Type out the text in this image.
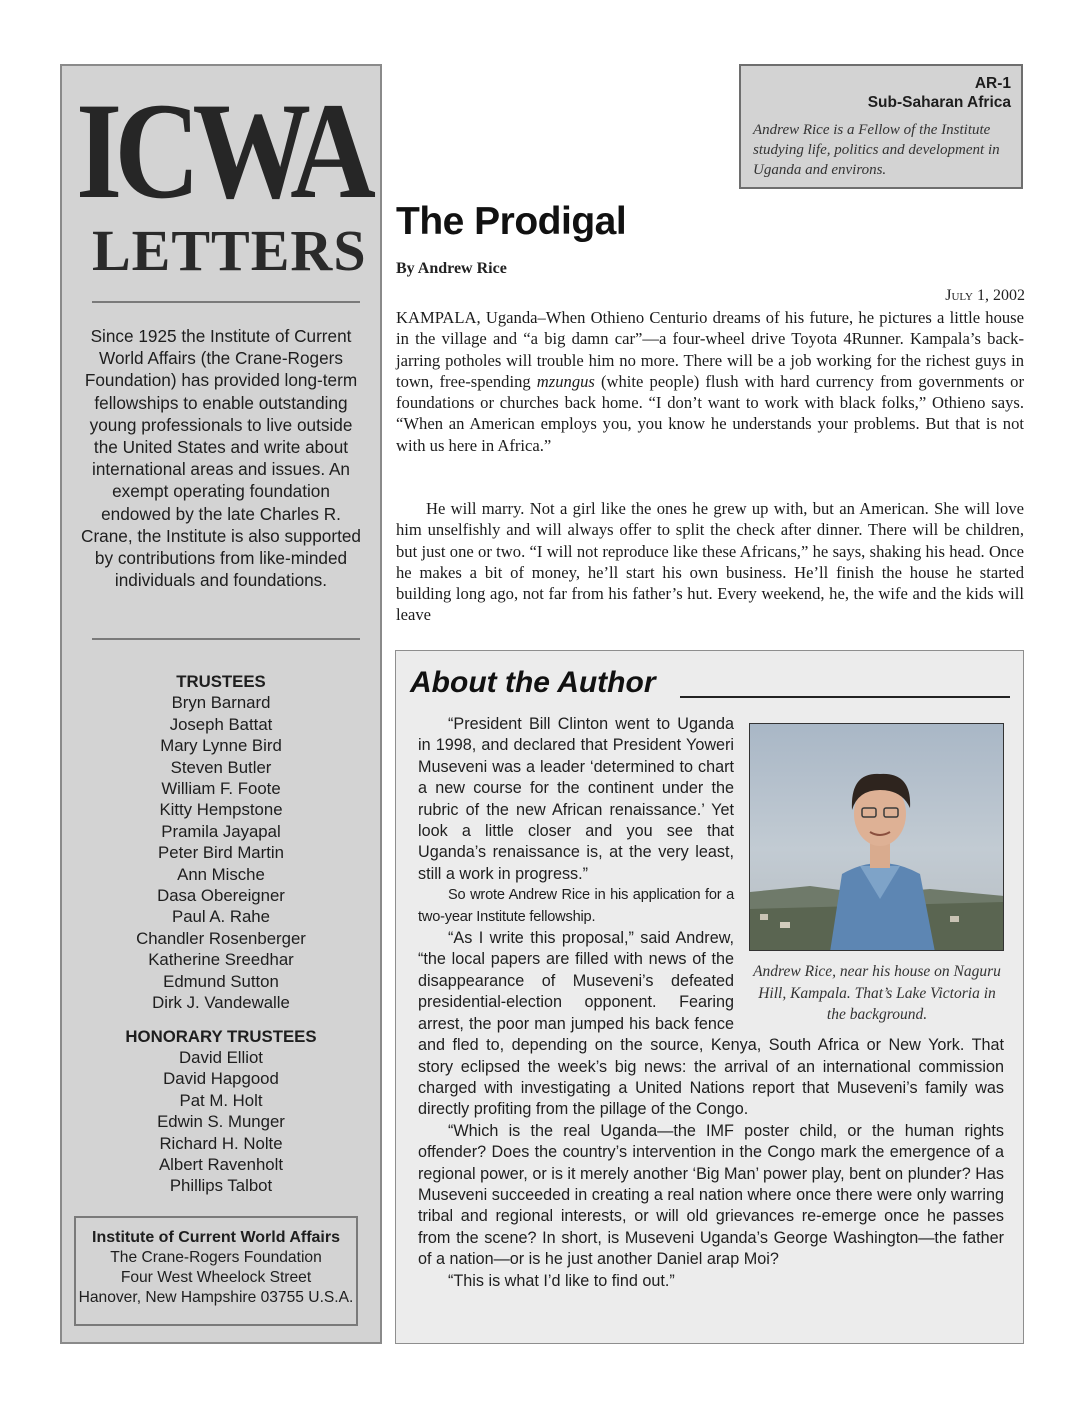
ICWA
LETTERS
Since 1925 the Institute of Current World Affairs (the Crane-Rogers Foundation) has provided long-term fellowships to enable outstanding young professionals to live outside the United States and write about international areas and issues. An exempt operating foundation endowed by the late Charles R. Crane, the Institute is also supported by contributions from like-minded individuals and foundations.
TRUSTEES
Bryn Barnard
Joseph Battat
Mary Lynne Bird
Steven Butler
William F. Foote
Kitty Hempstone
Pramila Jayapal
Peter Bird Martin
Ann Mische
Dasa Obereigner
Paul A. Rahe
Chandler Rosenberger
Katherine Sreedhar
Edmund Sutton
Dirk J. Vandewalle
HONORARY TRUSTEES
David Elliot
David Hapgood
Pat M. Holt
Edwin S. Munger
Richard H. Nolte
Albert Ravenholt
Phillips Talbot
Institute of Current World Affairs
The Crane-Rogers Foundation
Four West Wheelock Street
Hanover, New Hampshire 03755 U.S.A.
AR-1
Sub-Saharan Africa
Andrew Rice is a Fellow of the Institute studying life, politics and development in Uganda and environs.
The Prodigal
By Andrew Rice
July 1, 2002
KAMPALA, Uganda–When Othieno Centurio dreams of his future, he pictures a little house in the village and “a big damn car”—a four-wheel drive Toyota 4Runner. Kampala’s back-jarring potholes will trouble him no more. There will be a job working for the richest guys in town, free-spending mzungus (white people) flush with hard currency from governments or foundations or churches back home. “I don’t want to work with black folks,” Othieno says. “When an American employs you, you know he understands your problems. But that is not with us here in Africa.”
He will marry. Not a girl like the ones he grew up with, but an American. She will love him unselfishly and will always offer to split the check after dinner. There will be children, but just one or two. “I will not reproduce like these Africans,” he says, shaking his head. Once he makes a bit of money, he’ll start his own business. He’ll finish the house he started building long ago, not far from his father’s hut. Every weekend, he, the wife and the kids will leave
About the Author
Andrew Rice, near his house on Naguru Hill, Kampala. That’s Lake Victoria in the background.

“President Bill Clinton went to Uganda in 1998, and declared that President Yoweri Museveni was a leader ‘determined to chart a new course for the continent under the rubric of the new African renaissance.’ Yet look a little closer and you see that Uganda’s renaissance is, at the very least, still a work in progress.”

So wrote Andrew Rice in his application for a two-year Institute fellowship.

“As I write this proposal,” said Andrew, “the local papers are filled with news of the disappearance of Museveni’s defeated presidential-election opponent. Fearing arrest, the poor man jumped his back fence and fled to, depending on the source, Kenya, South Africa or New York. That story eclipsed the week’s big news: the arrival of an international commission charged with investigating a United Nations report that Museveni’s family was directly profiting from the pillage of the Congo.

“Which is the real Uganda—the IMF poster child, or the human rights offender? Does the country’s intervention in the Congo mark the emergence of a regional power, or is it merely another ‘Big Man’ power play, bent on plunder? Has Museveni succeeded in creating a real nation where once there were only warring tribal and regional interests, or will old grievances re-emerge once he passes from the scene? In short, is Museveni Uganda’s George Washington—the father of a nation—or is he just another Daniel arap Moi?

“This is what I’d like to find out.”
